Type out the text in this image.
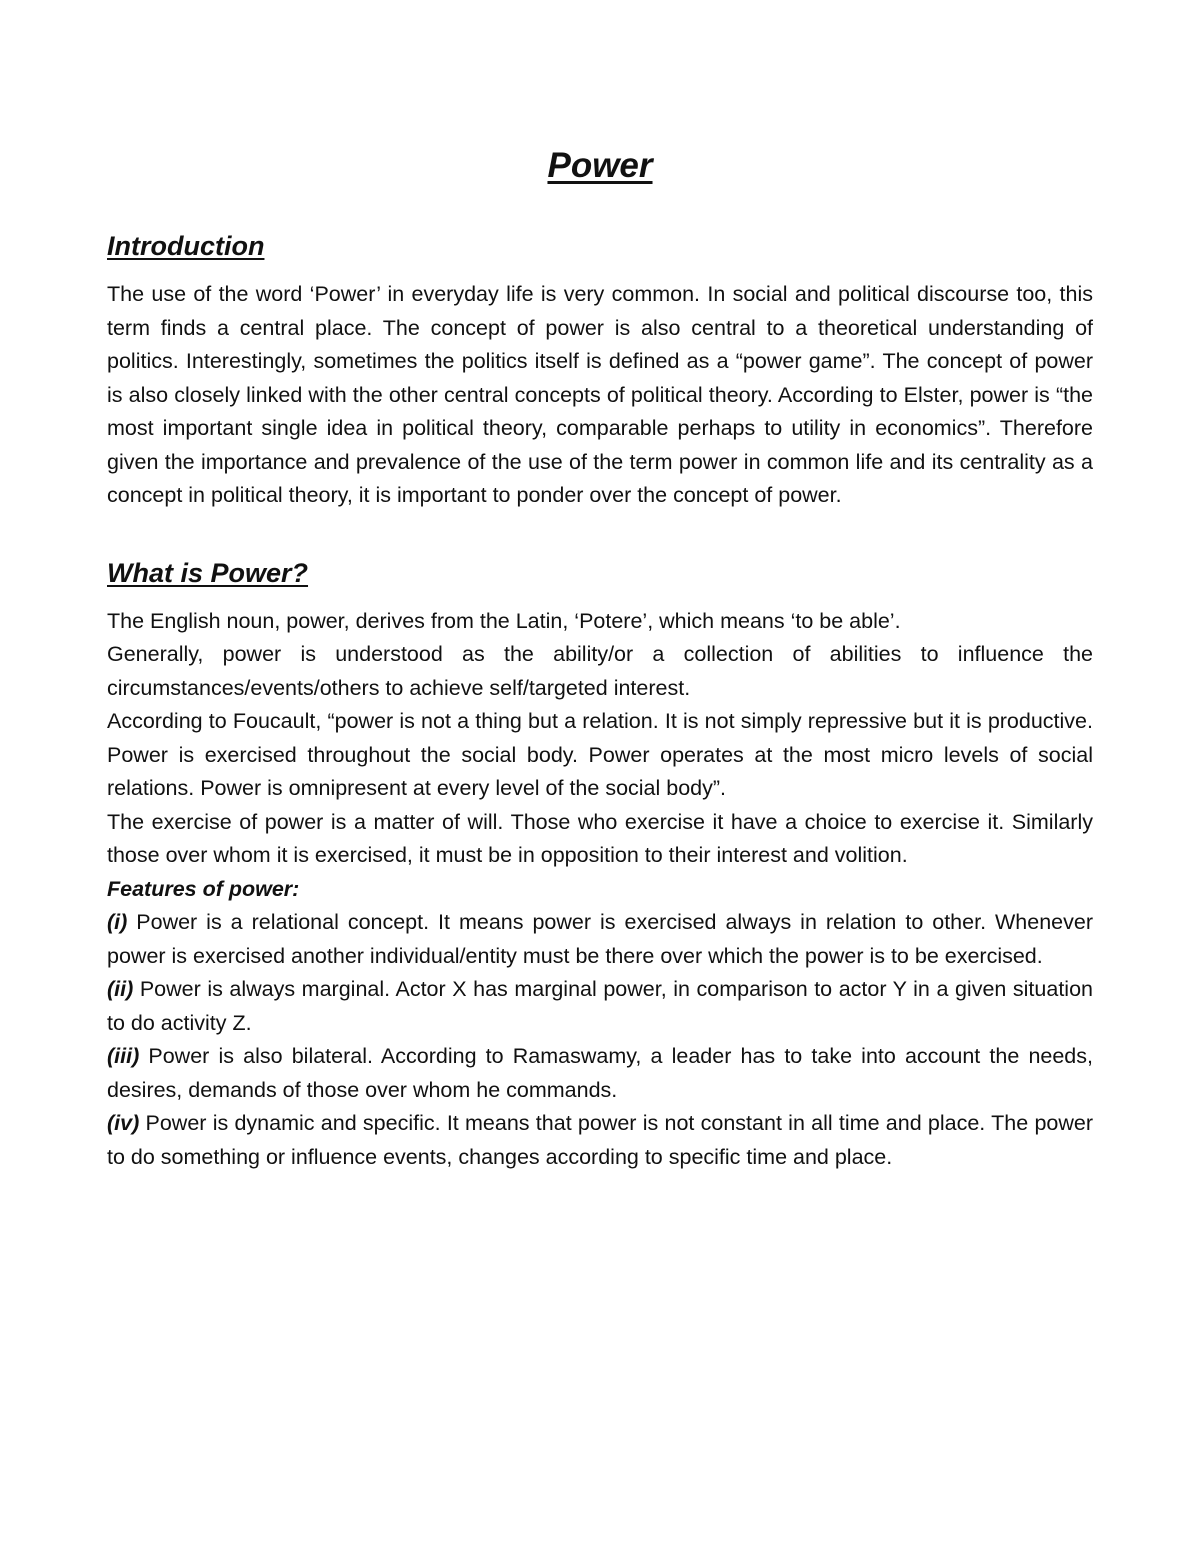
Power
Introduction

The use of the word ‘Power’ in everyday life is very common. In social and political discourse too, this term finds a central place. The concept of power is also central to a theoretical understanding of politics. Interestingly, sometimes the politics itself is defined as a “power game”. The concept of power is also closely linked with the other central concepts of political theory. According to Elster, power is “the most important single idea in political theory, comparable perhaps to utility in economics”. Therefore given the importance and prevalence of the use of the term power in common life and its centrality as a concept in political theory, it is important to ponder over the concept of power.

What is Power?

The English noun, power, derives from the Latin, ‘Potere’, which means ‘to be able’.

Generally, power is understood as the ability/or a collection of abilities to influence the circumstances/events/others to achieve self/targeted interest.

According to Foucault, “power is not a thing but a relation. It is not simply repressive but it is productive. Power is exercised throughout the social body. Power operates at the most micro levels of social relations. Power is omnipresent at every level of the social body”.

The exercise of power is a matter of will. Those who exercise it have a choice to exercise it. Similarly those over whom it is exercised, it must be in opposition to their interest and volition.

Features of power:

(i) Power is a relational concept. It means power is exercised always in relation to other. Whenever power is exercised another individual/entity must be there over which the power is to be exercised.

(ii) Power is always marginal. Actor X has marginal power, in comparison to actor Y in a given situation to do activity Z.

(iii) Power is also bilateral. According to Ramaswamy, a leader has to take into account the needs, desires, demands of those over whom he commands.

(iv) Power is dynamic and specific. It means that power is not constant in all time and place. The power to do something or influence events, changes according to specific time and place.
